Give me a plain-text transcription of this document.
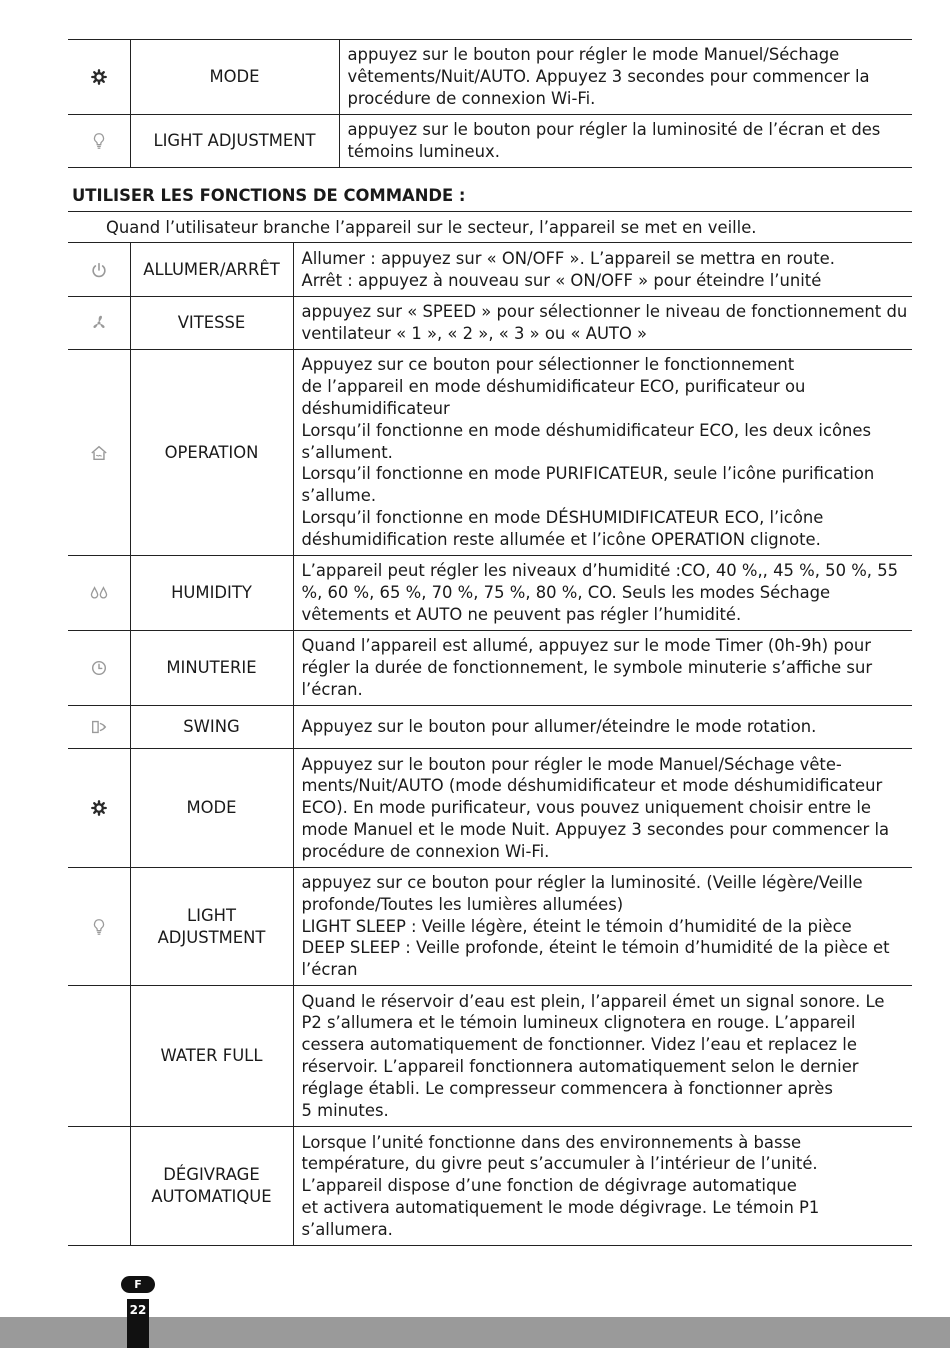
	MODE	appuyez sur le bouton pour régler le mode Manuel/Séchage vêtements/Nuit/AUTO. Appuyez 3 secondes pour commencer la procédure de connexion Wi-Fi.

	LIGHT ADJUSTMENT	appuyez sur le bouton pour régler la luminosité de l’écran et des témoins lumineux.
UTILISER LES FONCTIONS DE COMMANDE :

Quand l’utilisateur branche l’appareil sur le secteur, l’appareil se met en veille.

	ALLUMER/ARRÊT	Allumer : appuyez sur « ON/OFF ». L’appareil se mettra en route.
Arrêt : appuyez à nouveau sur « ON/OFF » pour éteindre l’unité

	VITESSE	appuyez sur « SPEED » pour sélectionner le niveau de fonctionnement du ventilateur « 1 », « 2 », « 3 » ou « AUTO »

	OPERATION	Appuyez sur ce bouton pour sélectionner le fonctionnement
de l’appareil en mode déshumidificateur ECO, purificateur ou déshumidificateur
Lorsqu’il fonctionne en mode déshumidificateur ECO, les deux icônes s’allument.
Lorsqu’il fonctionne en mode PURIFICATEUR, seule l’icône purification s’allume.
Lorsqu’il fonctionne en mode DÉSHUMIDIFICATEUR ECO, l’icône déshumidification reste allumée et l’icône OPERATION clignote.

	HUMIDITY	L’appareil peut régler les niveaux d’humidité :CO, 40 %,, 45 %, 50 %, 55 %, 60 %, 65 %, 70 %, 75 %, 80 %, CO. Seuls les modes Séchage vêtements et AUTO ne peuvent pas régler l’humidité.

	MINUTERIE	Quand l’appareil est allumé, appuyez sur le mode Timer (0h-9h) pour régler la durée de fonctionnement, le symbole minuterie s’affiche sur l’écran.

	SWING	Appuyez sur le bouton pour allumer/éteindre le mode rotation.

	MODE	Appuyez sur le bouton pour régler le mode Manuel/Séchage vête-
ments/Nuit/AUTO (mode déshumidificateur et mode déshumidificateur ECO). En mode purificateur, vous pouvez uniquement choisir entre le mode Manuel et le mode Nuit. Appuyez 3 secondes pour commencer la procédure de connexion Wi-Fi.

	LIGHT
ADJUSTMENT	appuyez sur ce bouton pour régler la luminosité. (Veille légère/Veille profonde/Toutes les lumières allumées)
LIGHT SLEEP : Veille légère, éteint le témoin d’humidité de la pièce
DEEP SLEEP : Veille profonde, éteint le témoin d’humidité de la pièce et l’écran
	WATER FULL	Quand le réservoir d’eau est plein, l’appareil émet un signal sonore. Le P2 s’allumera et le témoin lumineux clignotera en rouge. L’appareil cessera automatiquement de fonctionner. Videz l’eau et replacez le réservoir. L’appareil fonctionnera automatiquement selon le dernier réglage établi. Le compresseur commencera à fonctionner après
5 minutes.
	DÉGIVRAGE
AUTOMATIQUE	Lorsque l’unité fonctionne dans des environnements à basse température, du givre peut s’accumuler à l’intérieur de l’unité.
L’appareil dispose d’une fonction de dégivrage automatique
et activera automatiquement le mode dégivrage. Le témoin P1 s’allumera.
F
22
